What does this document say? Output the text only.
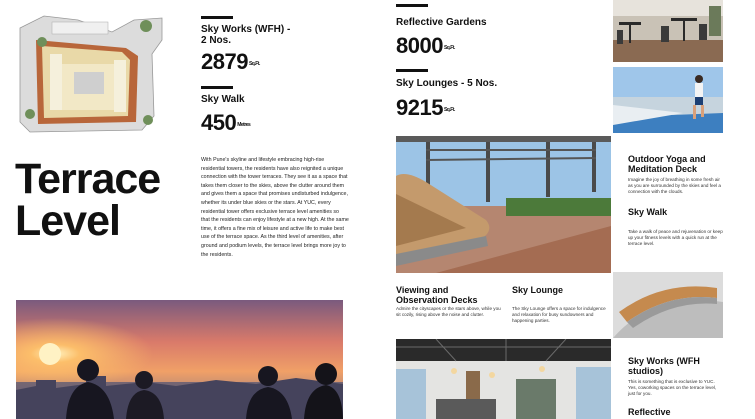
Sky Works (WFH) - 2 Nos.
$2879^{Sq.Ft.}$
Sky Walk
$450^{Metres}$
Terrace
Level
With Pune's skyline and lifestyle embracing high-rise residential towers, the residents have also reignited a unique connection with the tower terraces. They see it as a space that takes them closer to the skies, above the clutter around them and gives them a space that promises undisturbed indulgence, whether its under blue skies or the stars. At YUC, every residential tower offers exclusive terrace level amenities so that the residents can enjoy lifestyle at a new high. At the same time, it offers a fine mix of leisure and active life to make best use of the terrace space. As the third level of amenities, after ground and podium levels, the terrace level brings more joy to the residents.
Reflective Gardens
$8000^{Sq.Ft.}$
Sky Lounges - 5 Nos.
$9215^{Sq.Ft.}$
Outdoor Yoga and Meditation Deck
Imagine the joy of breathing in some fresh air as you are surrounded by the skies and feel a connection with the clouds.
Sky Walk
Take a walk of peace and rejuvenation or keep up your fitness levels with a quick run at the terrace level.
Viewing and Observation Decks
Admire the cityscapes or the stars above, while you sit cozily, rising above the noise and clutter.
Sky Lounge
The Sky Lounge offers a space for indulgence and relaxation for busy sundowners and happening parties.
Sky Works (WFH studios)
This is something that is exclusive to YUC. Yes, coworking spaces on the terrace level, just for you.
Reflective
